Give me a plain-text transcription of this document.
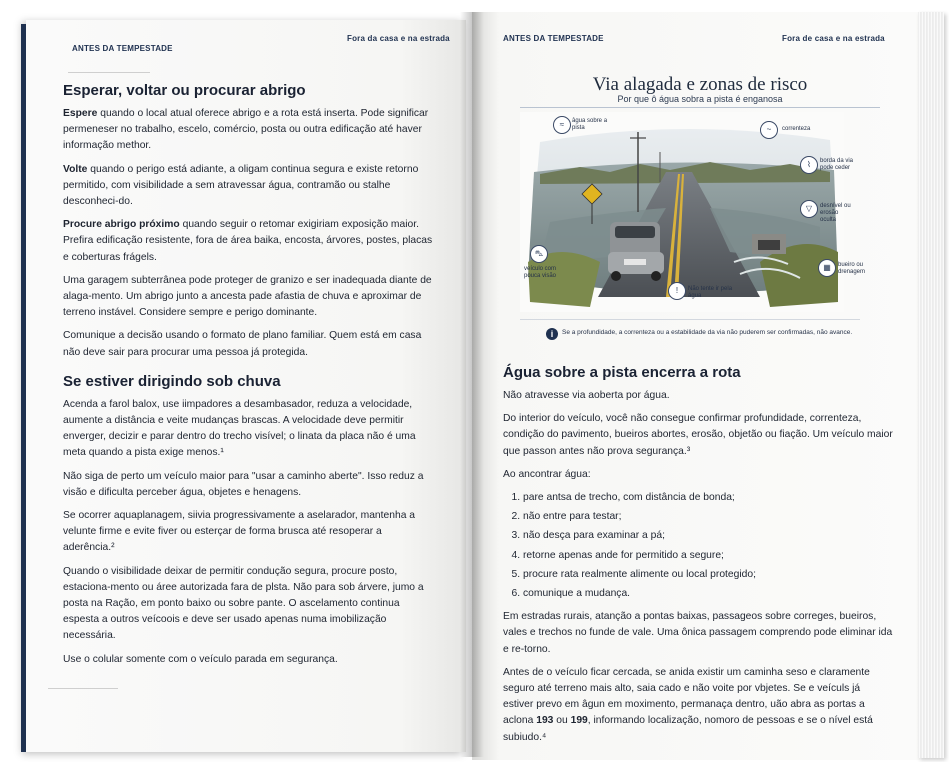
ANTES DA TEMPESTADE
Fora da casa e na estrada
Esperar, voltar ou procurar abrigo

Espere quando o local atual oferece abrigo e a rota está inserta. Pode significar permeneser no trabalho, escelo, comércio, posta ou outra edificação até haver informação methor.

Volte quando o perigo está adiante, a oligam continua segura e existe retorno permitido, com visibilidade a sem atravessar água, contramão ou stalhe desconheci-do.

Procure abrigo próximo quando seguir o retomar exigiriam exposição maior. Prefira edificação resistente, fora de área baika, encosta, árvores, postes, placas e coberturas frágels.

Uma garagem subterrânea pode proteger de granizo e ser inadequada diante de alaga-mento. Um abrigo junto a ancesta pade afastia de chuva e aproximar de terreno instável. Considere sempre e perigo dominante.

Comunique a decisão usando o formato de plano familiar. Quem está em casa não deve sair para procurar uma pessoa já protegida.

Se estiver dirigindo sob chuva

Acenda a farol balox, use iimpadores a desambasador, reduza a velocidade, aumente a distância e veite mudanças brascas. A velocidade deve permitir enverger, decizir e parar dentro do trecho visível; o linata da placa não é uma meta quando a pista exige menos.¹

Não siga de perto um veículo maior para "usar a caminho aberte". Isso reduz a visão e dificulta perceber água, objetes e henagens.

Se ocorrer aquaplanagem, siivia progressivamente a aselarador, mantenha a velunte firme e evite fiver ou esterçar de forma brusca até resoperar a aderência.²

Quando o visibilidade deixar de permitir condução segura, procure posto, estaciona-mento ou árее autorizada fara de plsta. Não para sob árvere, jumo a posta na Ração, em ponto baixo ou sobre pante. O ascelamento continua espesta a outros veícoois e deve ser usado apenas numa imobilização necessária.

Use o colular somente com o veículo parada em segurança.

ANTES DA TEMPESTADE	Fora de casa e na estrada
Via alagada e zonas de risco
Por que ô água sobra a pista é enganosa
≈	âgua sobre a pista	~	correnteza
⌇	borda da via pode ceder
▽	desnível ou erosão oculta
▦	bueiro ou drenagem
⛍
veículo com pouca visão
!	Não tente ir pela água
i	Se a profundidade, a correnteza ou a estabilidade da via não puderem ser confirmadas, não avance.
Água sobre a pista encerra a rota

Não atravesse via aoberta por água.

Do interior do veículo, você não consegue confirmar profundidade, correnteza, condição do pavimento, bueiros abortes, erosão, objetão ou fiação. Um veículo maior que passon antes não prova segurança.³

Ao ancontrar água:

1. pare antsa de trecho, com distância de bonda;
2. não entre para testar;
3. não desça para examinar a pá;
4. retorne apenas ande for permitido a segure;
5. procure rata realmente alimente ou local protegido;
6. comunique a mudança.

Em estradas rurais, atanção a pontas baixas, passageos sobre correges, bueiros, vales e trechos no funde de vale. Uma ônica passagem comprendo pode eliminar ida e re-torno.

Antes de o veículo ficar cercada, se anida existir um caminha seso e claramente seguro até terreno mais alto, saia cado e não voite por vbjetes. Se e veículs já estiver prevo em âgun em moximento, permanaça dentro, uão abra as portas a aclona 193 ou 199, informando localização, nomoro de pessoas e se o nível está subiudo.⁴
